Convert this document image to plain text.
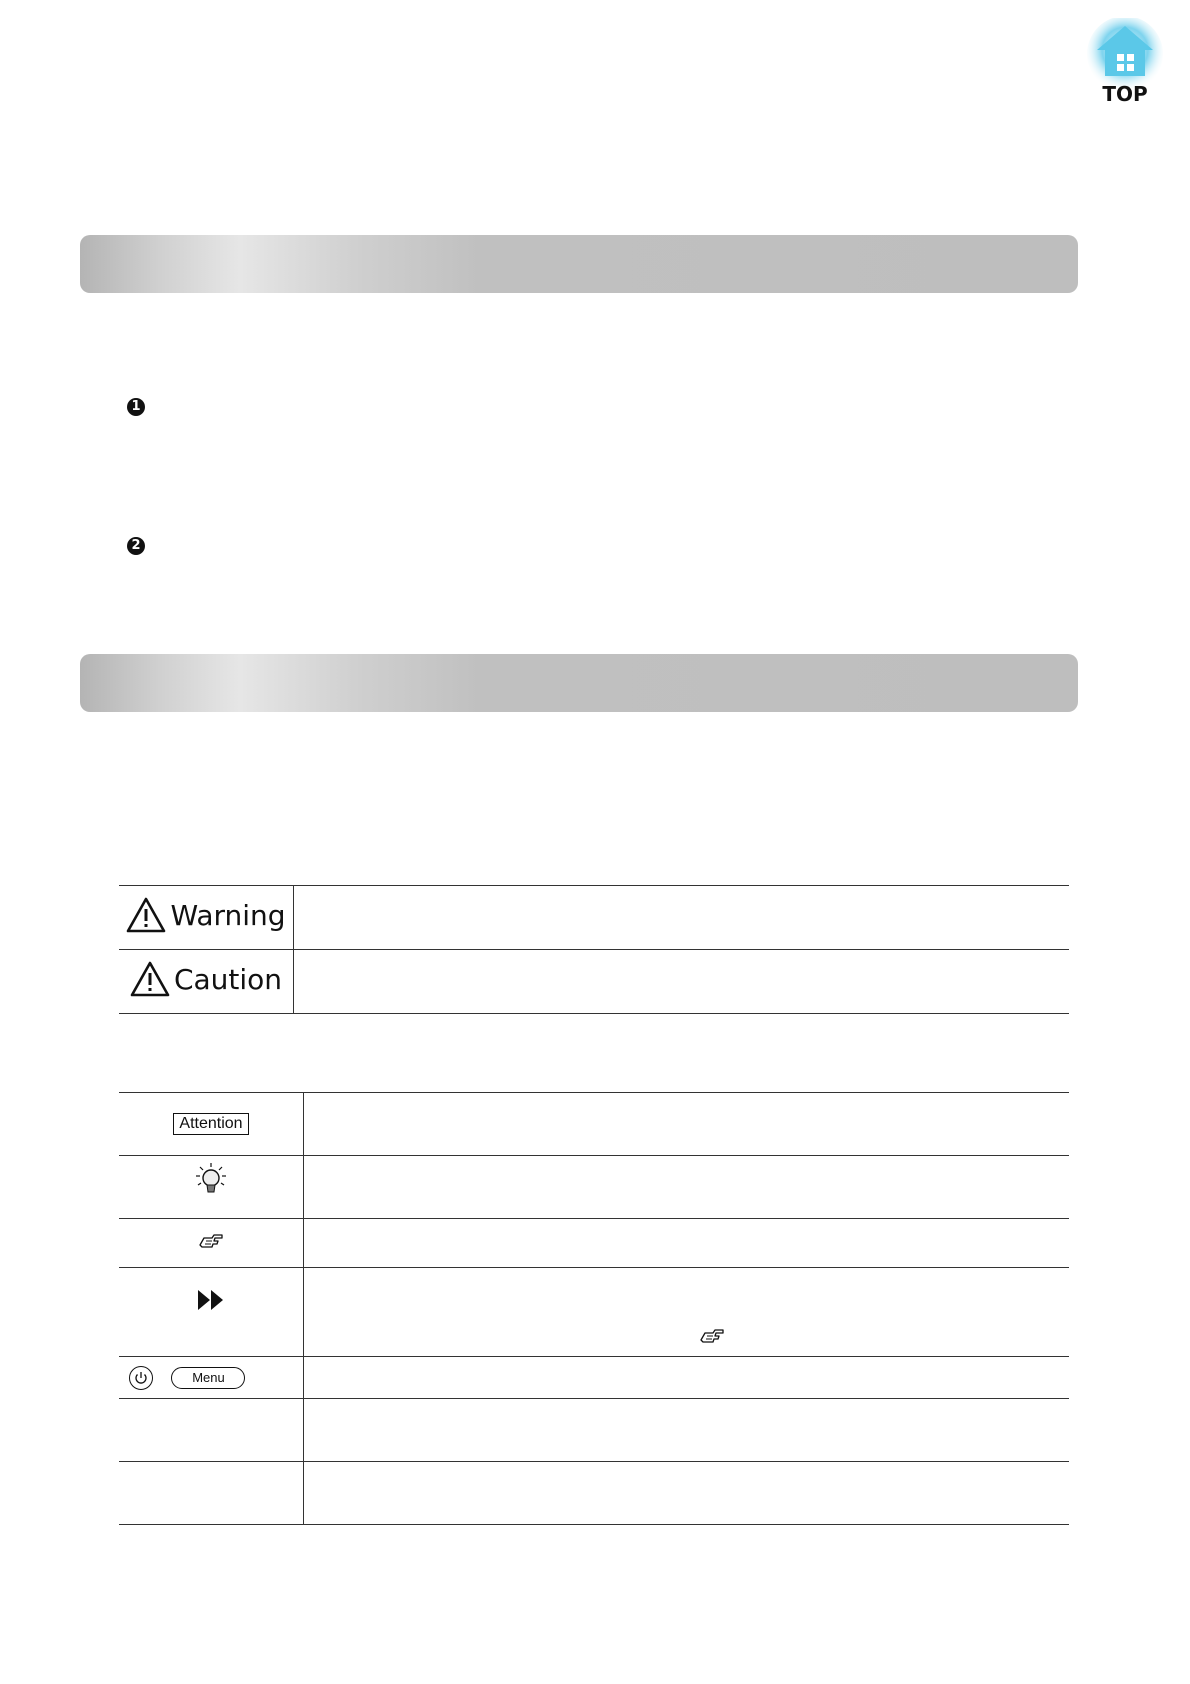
TOP
1
2
Warning	

Caution	

Attention	

Menu	
